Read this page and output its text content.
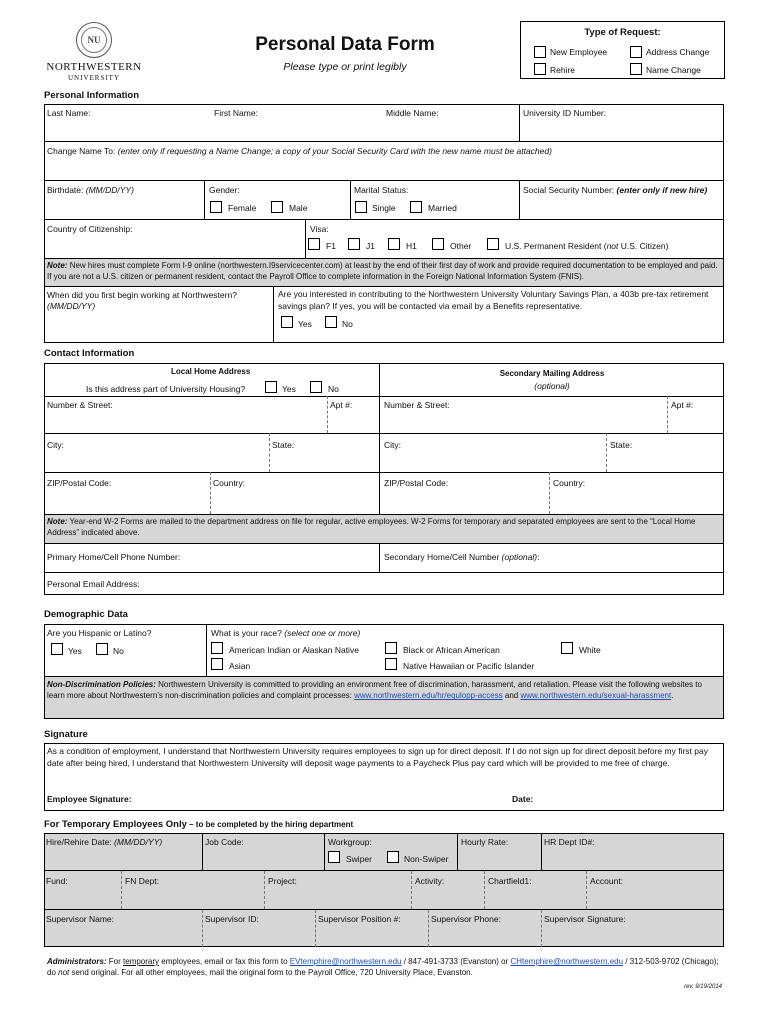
NU
NORTHWESTERN
UNIVERSITY
Personal Data Form
Please type or print legibly
Type of Request:
New Employee	Address Change
Rehire	Name Change
Personal Information
Last Name:	First Name:	Middle Name:	University ID Number:
Change Name To: (enter only if requesting a Name Change; a copy of your Social Security Card with the new name must be attached)
Birthdate: (MM/DD/YY)	Gender:
Female	Male
Marital Status:
Single	Married
Social Security Number: (enter only if new hire)
Country of Citizenship:	Visa:
F1	J1	H1	Other	U.S. Permanent Resident (not U.S. Citizen)
Note: New hires must complete Form I-9 online (northwestern.I9servicecenter.com) at least by the end of their first day of work and provide required documentation to be employed and paid. If you are not a U.S. citizen or permanent resident, contact the Payroll Office to complete information in the Foreign National Information System (FNIS).
When did you first begin working at Northwestern?
(MM/DD/YY)
Are you interested in contributing to the Northwestern University Voluntary Savings Plan, a 403b pre-tax retirement savings plan? If yes, you will be contacted via email by a Benefits representative.
Yes	No
Contact Information
Local Home Address
Is this address part of University Housing?	Yes	No
Secondary Mailing Address
(optional)
Number & Street:	Apt #:	Number & Street:	Apt #:
City:	State:	City:	State:
ZIP/Postal Code:	Country:	ZIP/Postal Code:	Country:
Note: Year-end W-2 Forms are mailed to the department address on file for regular, active employees. W-2 Forms for temporary and separated employees are sent to the “Local Home Address” indicated above.
Primary Home/Cell Phone Number:	Secondary Home/Cell Number (optional):
Personal Email Address:
Demographic Data
Are you Hispanic or Latino?
Yes	No
What is your race? (select one or more)
American Indian or Alaskan Native	Black or African American	White
Asian	Native Hawaiian or Pacific Islander
Non-Discrimination Policies: Northwestern University is committed to providing an environment free of discrimination, harassment, and retaliation. Please visit the following websites to learn more about Northwestern’s non-discrimination policies and complaint processes: www.northwestern.edu/hr/equlopp-access and www.northwestern.edu/sexual-harassment.
Signature
As a condition of employment, I understand that Northwestern University requires employees to sign up for direct deposit. If I do not sign up for direct deposit before my first pay date after being hired, I understand that Northwestern University will deposit wage payments to a Paycheck Plus pay card which will be provided to me free of charge.
Employee Signature:	Date:
For Temporary Employees Only – to be completed by the hiring department
Hire/Rehire Date: (MM/DD/YY)	Job Code:	Workgroup:
Swiper	Non-Swiper
Hourly Rate:	HR Dept ID#:
Fund:	FN Dept:	Project:	Activity:	Chartfield1:	Account:
Supervisor Name:	Supervisor ID:	Supervisor Position #:	Supervisor Phone:	Supervisor Signature:
Administrators: For temporary employees, email or fax this form to EVtemphire@northwestern.edu / 847-491-3733 (Evanston) or CHtemphire@northwestern.edu / 312-503-9702 (Chicago); do not send original. For all other employees, mail the original form to the Payroll Office, 720 University Place, Evanston.
rev. 9/19/2014
